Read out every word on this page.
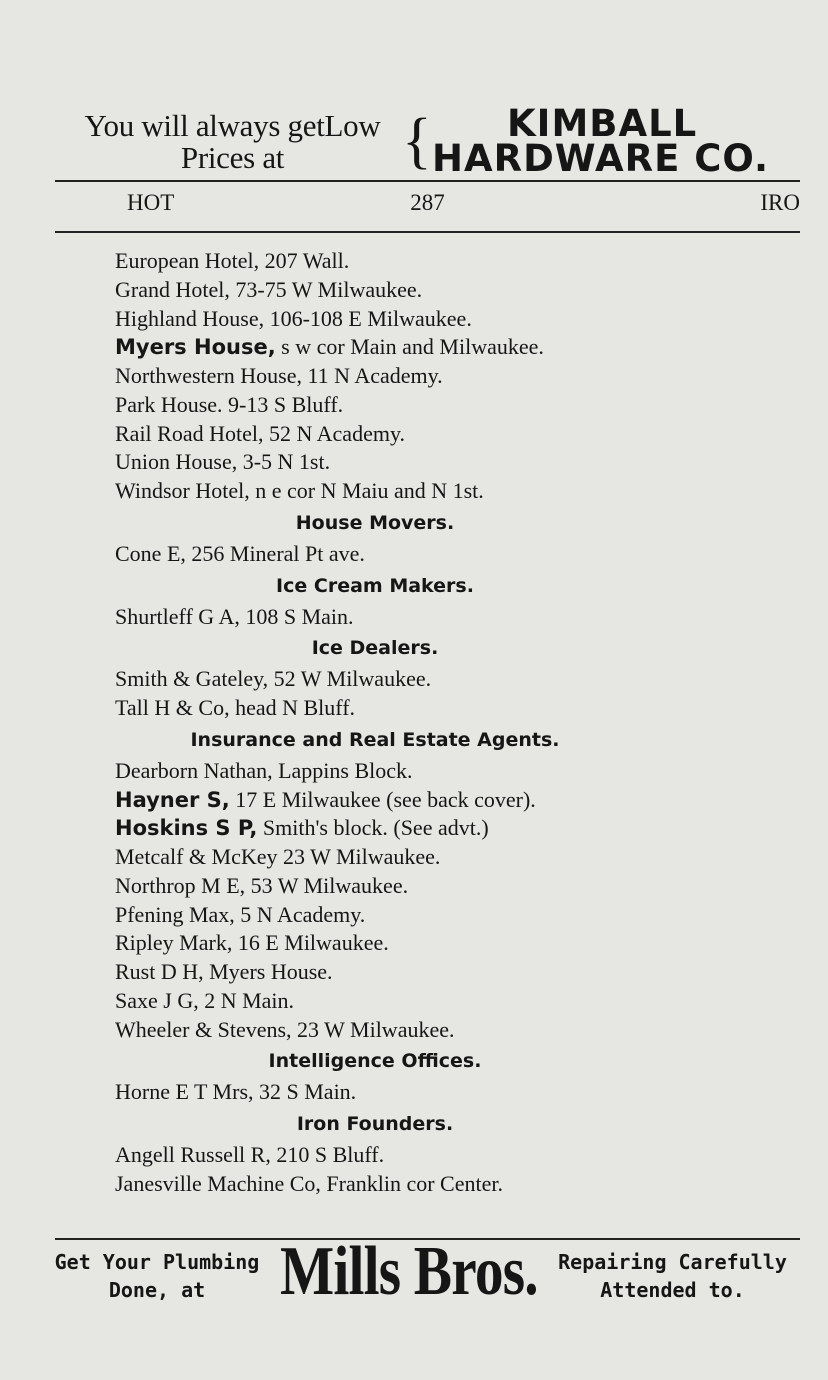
You will always getLow
Prices at	{	KIMBALL
HARDWARE CO.
HOT	287	IRO
European Hotel, 207 Wall.
Grand Hotel, 73-75 W Milwaukee.
Highland House, 106-108 E Milwaukee.
Myers House, s w cor Main and Milwaukee.
Northwestern House, 11 N Academy.
Park House. 9-13 S Bluff.
Rail Road Hotel, 52 N Academy.
Union House, 3-5 N 1st.
Windsor Hotel, n e cor N Maiu and N 1st.
House Movers.
Cone E, 256 Mineral Pt ave.
Ice Cream Makers.
Shurtleff G A, 108 S Main.
Ice Dealers.
Smith & Gateley, 52 W Milwaukee.
Tall H & Co, head N Bluff.
Insurance and Real Estate Agents.
Dearborn Nathan, Lappins Block.
Hayner S, 17 E Milwaukee (see back cover).
Hoskins S P, Smith's block. (See advt.)
Metcalf & McKey 23 W Milwaukee.
Northrop M E, 53 W Milwaukee.
Pfening Max, 5 N Academy.
Ripley Mark, 16 E Milwaukee.
Rust D H, Myers House.
Saxe J G, 2 N Main.
Wheeler & Stevens, 23 W Milwaukee.
Intelligence Offices.
Horne E T Mrs, 32 S Main.
Iron Founders.
Angell Russell R, 210 S Bluff.
Janesville Machine Co, Franklin cor Center.
Get Your Plumbing
Done, at	Mills Bros. Repairing Carefully
Attended to.
